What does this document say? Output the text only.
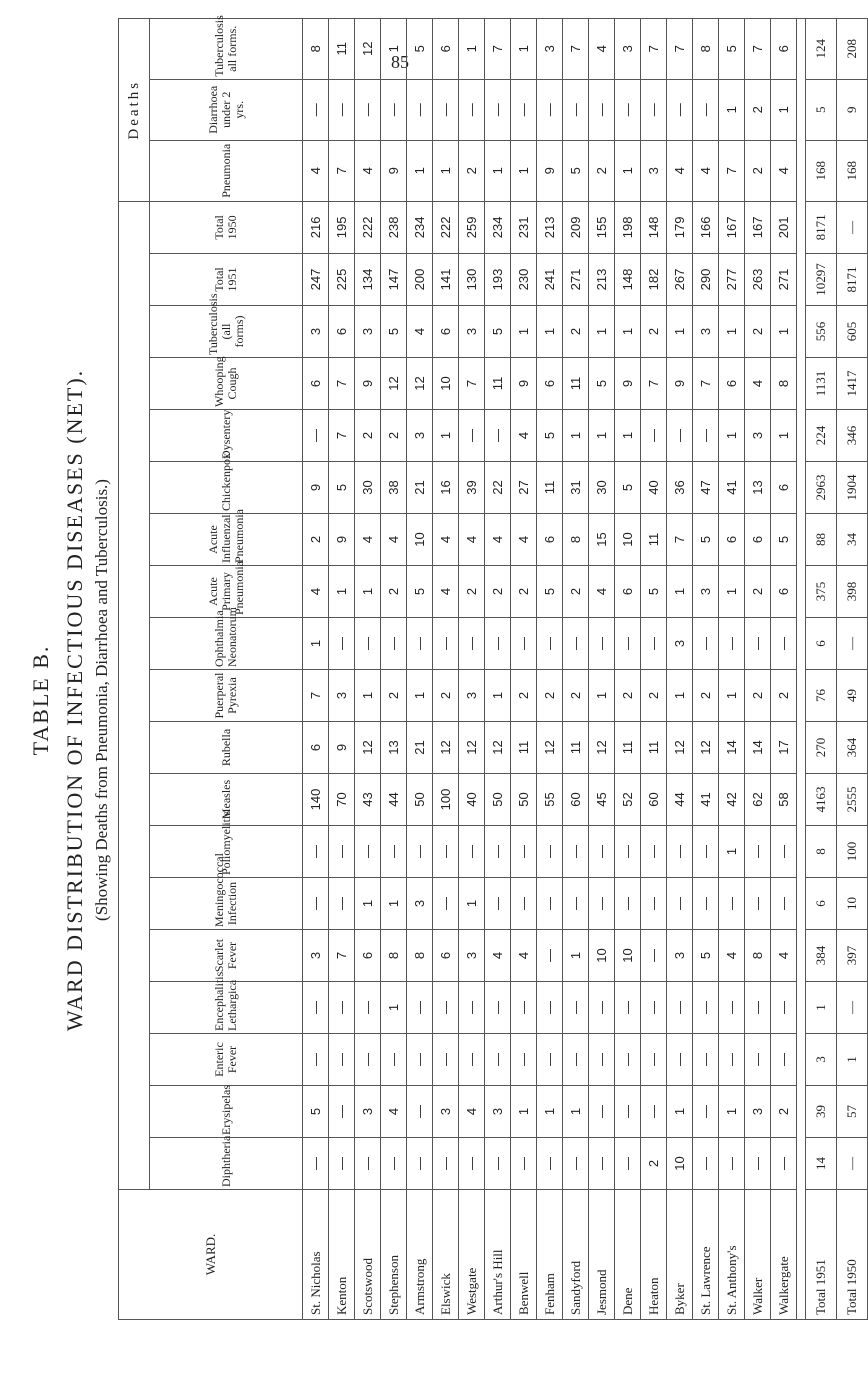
85
TABLE B. WARD DISTRIBUTION OF INFECTIOUS DISEASES (NET). (Showing Deaths from Pneumonia, Diarrhoea and Tuberculosis.)
WARD.																				Deaths		
	Diphtheria	Erysipelas	Enteric Fever	Encephalitis Lethargica	Scarlet Fever	Meningococcal Infection	Poliomyelitis	Measles	Rubella	Puerperal Pyrexia	Ophthalmia Neonatorum	Acute Primary Pneumonia	Acute Influenzal Pneumonia	Chickenpox	Dysentery	Whooping Cough	Tuberculosis (all forms)	Total 1951	Total 1950	Pneumonia	Diarrhoea under 2 yrs.	Tuberculosis all forms.
St. Nicholas	—	5	—	—	3	—	—	140	6	7	1	4	2	9	—	6	3	247	216	4	—	8
Kenton	—	—	—	—	7	—	—	70	9	3	—	1	9	5	7	7	6	225	195	7	—	11
Scotswood	—	3	—	—	6	1	—	43	12	1	—	1	4	30	2	9	3	134	222	4	—	12
Stephenson	—	4	—	1	8	1	—	44	13	2	—	2	4	38	2	12	5	147	238	9	—	1
Armstrong	—	—	—	—	8	3	—	50	21	1	—	5	10	21	3	12	4	200	234	1	—	5
Elswick	—	3	—	—	6	—	—	100	12	2	—	4	4	16	1	10	6	141	222	1	—	6
Westgate	—	4	—	—	3	1	—	40	12	3	—	2	4	39	—	7	3	130	259	2	—	1
Arthur's Hill	—	3	—	—	4	—	—	50	12	1	—	2	4	22	—	11	5	193	234	1	—	7
Benwell	—	1	—	—	4	—	—	50	11	2	—	2	4	27	4	9	1	230	231	1	—	1
Fenham	—	1	—	—	—	—	—	55	12	2	—	5	6	11	5	6	1	241	213	9	—	3
Sandyford	—	1	—	—	1	—	—	60	11	2	—	2	8	31	1	11	2	271	209	5	—	7
Jesmond	—	—	—	—	10	—	—	45	12	1	—	4	15	30	1	5	1	213	155	2	—	4
Dene	—	—	—	—	10	—	—	52	11	2	—	6	10	5	1	9	1	148	198	1	—	3
Heaton	2	—	—	—	—	—	—	60	11	2	—	5	11	40	—	7	2	182	148	3	—	7
Byker	10	1	—	—	3	—	—	44	12	1	3	1	7	36	—	9	1	267	179	4	—	7
St. Lawrence	—	—	—	—	5	—	—	41	12	2	—	3	5	47	—	7	3	290	166	4	—	8
St. Anthony's	—	1	—	—	4	—	1	42	14	1	—	1	6	41	1	6	1	277	167	7	1	5
Walker	—	3	—	—	8	—	—	62	14	2	—	2	6	13	3	4	2	263	167	2	2	7
Walkergate	—	2	—	—	4	—	—	58	17	2	—	6	5	6	1	8	1	271	201	4	1	6

Total 1951	14	39	3	1	384	6	8	4163	270	76	6	375	88	2963	224	1131	556	10297	8171	168	5	124
Total 1950	—	57	1	—	397	10	100	2555	364	49	—	398	34	1904	346	1417	605	8171	—	168	9	208
